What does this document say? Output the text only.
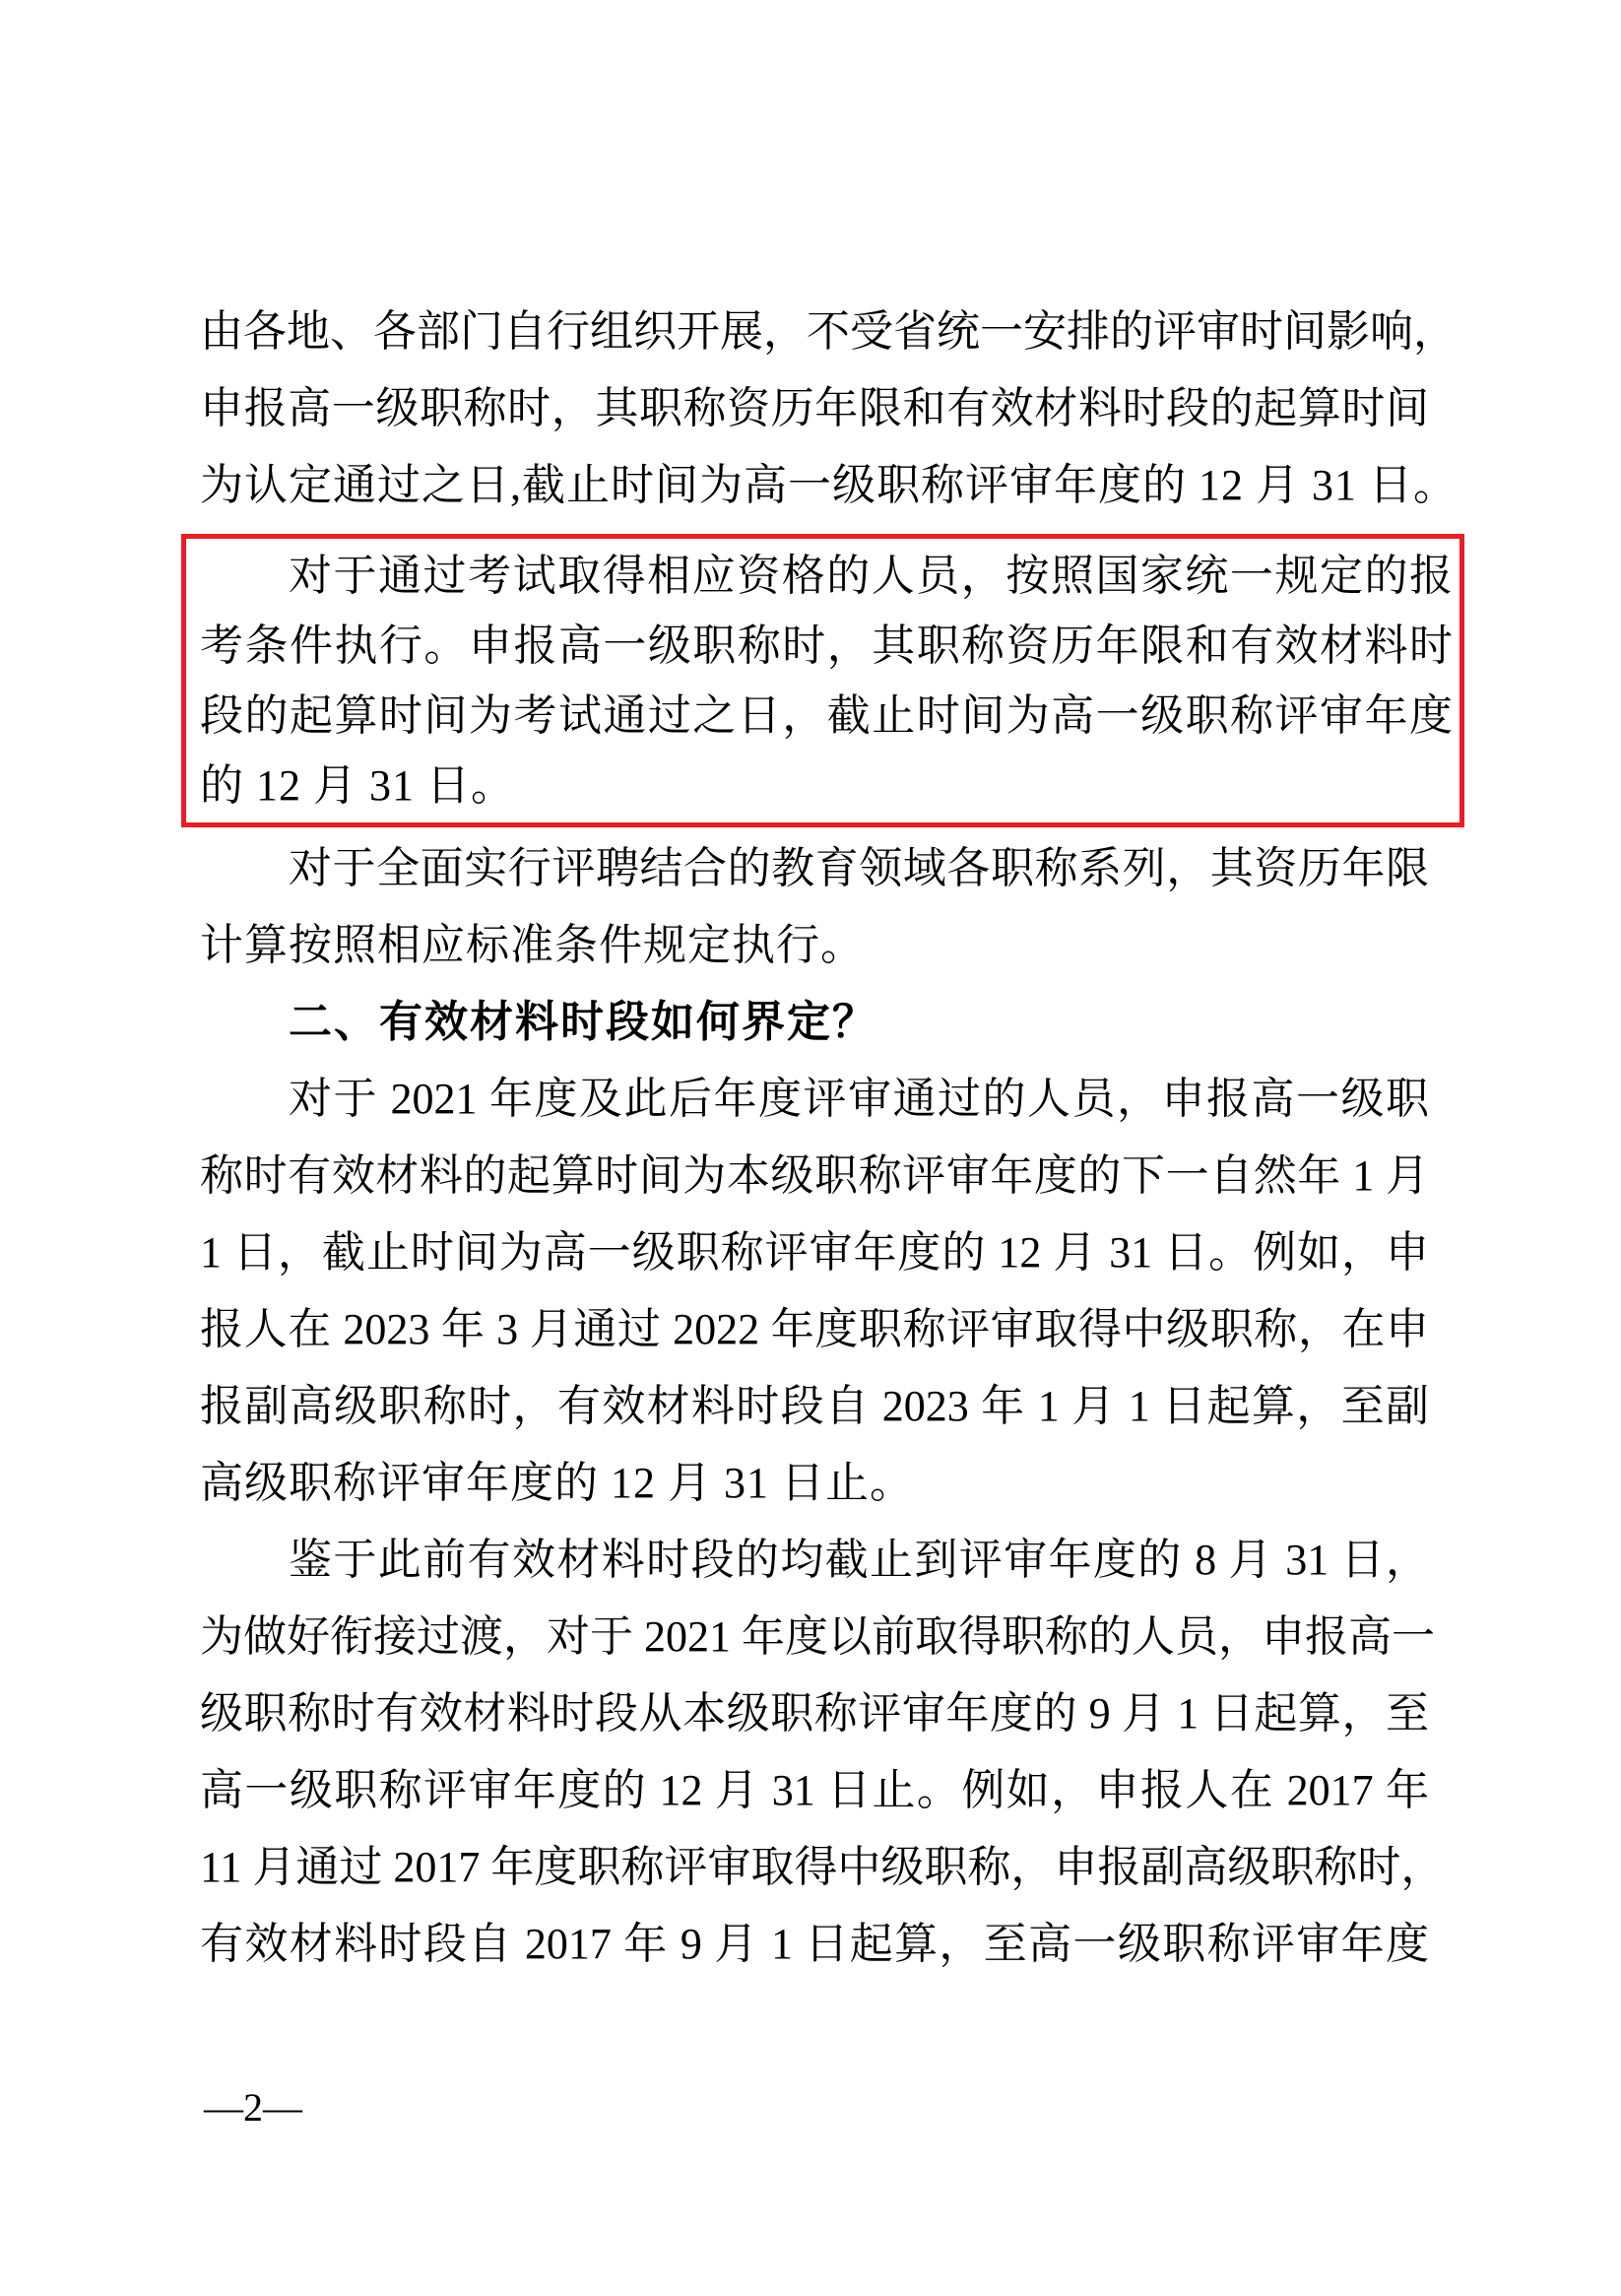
由各地、各部门自行组织开展，不受省统一安排的评审时间影响，
申报高一级职称时，其职称资历年限和有效材料时段的起算时间
为认定通过之日,截止时间为高一级职称评审年度的 12 月 31 日。
对于通过考试取得相应资格的人员，按照国家统一规定的报
考条件执行。申报高一级职称时，其职称资历年限和有效材料时
段的起算时间为考试通过之日，截止时间为高一级职称评审年度
的 12 月 31 日。
对于全面实行评聘结合的教育领域各职称系列，其资历年限
计算按照相应标准条件规定执行。
二、有效材料时段如何界定？
对于 2021 年度及此后年度评审通过的人员，申报高一级职
称时有效材料的起算时间为本级职称评审年度的下一自然年 1 月
1 日，截止时间为高一级职称评审年度的 12 月 31 日。例如，申
报人在 2023 年 3 月通过 2022 年度职称评审取得中级职称，在申
报副高级职称时，有效材料时段自 2023 年 1 月 1 日起算，至副
高级职称评审年度的 12 月 31 日止。
鉴于此前有效材料时段的均截止到评审年度的 8 月 31 日，
为做好衔接过渡，对于 2021 年度以前取得职称的人员，申报高一
级职称时有效材料时段从本级职称评审年度的 9 月 1 日起算，至
高一级职称评审年度的 12 月 31 日止。例如，申报人在 2017 年
11 月通过 2017 年度职称评审取得中级职称，申报副高级职称时，
有效材料时段自 2017 年 9 月 1 日起算，至高一级职称评审年度
—2—
